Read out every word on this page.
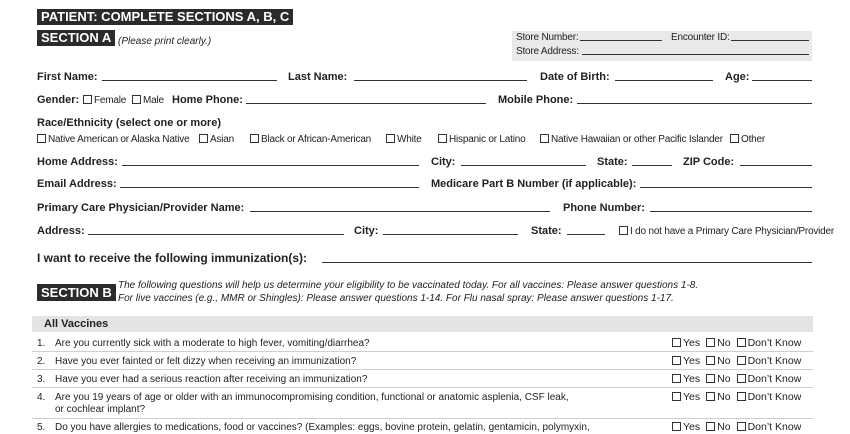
PATIENT: COMPLETE SECTIONS A, B, C
SECTION A (Please print clearly.)	Store Number:	Encounter ID:
Store Address:
First Name:	Last Name:	Date of Birth:	Age:
Gender:	Female	Male Home Phone:	Mobile Phone:
Race/Ethnicity (select one or more)
Native American or Alaska Native	Asian	Black or African-American	White	Hispanic or Latino	Native Hawaiian or other Pacific Islander	Other
Home Address:	City:	State:	ZIP Code:
Email Address:	Medicare Part B Number (if applicable):
Primary Care Physician/Provider Name:	Phone Number:
Address:	City:	State:	I do not have a Primary Care Physician/Provider
I want to receive the following immunization(s):
SECTION B The following questions will help us determine your eligibility to be vaccinated today. For all vaccines: Please answer questions 1-8.
For live vaccines (e.g., MMR or Shingles): Please answer questions 1-14. For Flu nasal spray: Please answer questions 1-17.
All Vaccines
1. Are you currently sick with a moderate to high fever, vomiting/diarrhea?	Yes No Don’t Know
2. Have you ever fainted or felt dizzy when receiving an immunization?	Yes No Don’t Know
3. Have you ever had a serious reaction after receiving an immunization?	Yes No Don’t Know
4. Are you 19 years of age or older with an immunocompromising condition, functional or anatomic asplenia, CSF leak,
or cochlear implant?
Yes No Don’t Know
5. Do you have allergies to medications, food or vaccines? (Examples: eggs, bovine protein, gelatin, gentamicin, polymyxin,	Yes No Don’t Know
